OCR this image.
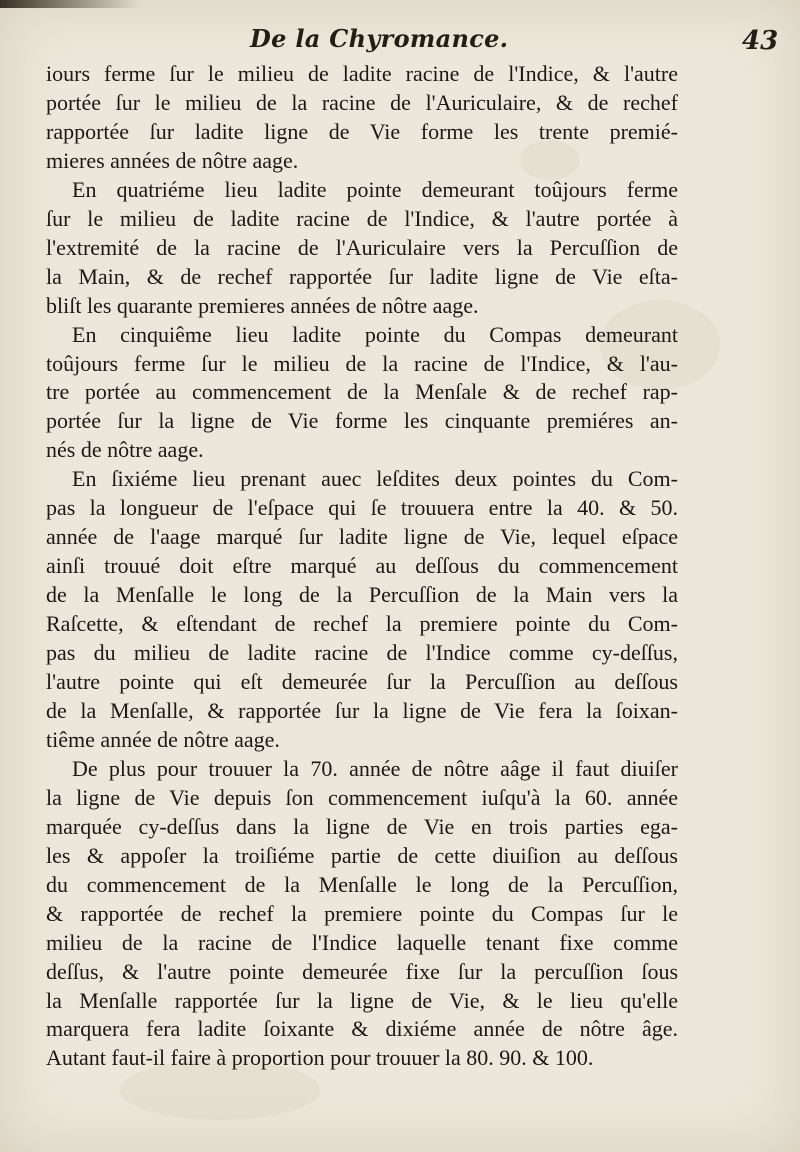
De la Chyromance.	43
iours ferme ſur le milieu de ladite racine de l'Indice, & l'autre
portée ſur le milieu de la racine de l'Auriculaire, & de rechef
rapportée ſur ladite ligne de Vie forme les trente premié-
mieres années de nôtre aage.
En quatriéme lieu ladite pointe demeurant toûjours ferme
ſur le milieu de ladite racine de l'Indice, & l'autre portée à
l'extremité de la racine de l'Auriculaire vers la Percuſſion de
la Main, & de rechef rapportée ſur ladite ligne de Vie eſta-
bliſt les quarante premieres années de nôtre aage.
En cinquiême lieu ladite pointe du Compas demeurant
toûjours ferme ſur le milieu de la racine de l'Indice, & l'au-
tre portée au commencement de la Menſale & de rechef rap-
portée ſur la ligne de Vie forme les cinquante premiéres an-
nés de nôtre aage.
En ſixiéme lieu prenant auec leſdites deux pointes du Com-
pas la longueur de l'eſpace qui ſe trouuera entre la 40. & 50.
année de l'aage marqué ſur ladite ligne de Vie, lequel eſpace
ainſi trouué doit eſtre marqué au deſſous du commencement
de la Menſalle le long de la Percuſſion de la Main vers la
Raſcette, & eſtendant de rechef la premiere pointe du Com-
pas du milieu de ladite racine de l'Indice comme cy-deſſus,
l'autre pointe qui eſt demeurée ſur la Percuſſion au deſſous
de la Menſalle, & rapportée ſur la ligne de Vie fera la ſoixan-
tiême année de nôtre aage.
De plus pour trouuer la 70. année de nôtre aâge il faut diuiſer
la ligne de Vie depuis ſon commencement iuſqu'à la 60. année
marquée cy-deſſus dans la ligne de Vie en trois parties ega-
les & appoſer la troiſiéme partie de cette diuiſion au deſſous
du commencement de la Menſalle le long de la Percuſſion,
& rapportée de rechef la premiere pointe du Compas ſur le
milieu de la racine de l'Indice laquelle tenant fixe comme
deſſus, & l'autre pointe demeurée fixe ſur la percuſſion ſous
la Menſalle rapportée ſur la ligne de Vie, & le lieu qu'elle
marquera fera ladite ſoixante & dixiéme année de nôtre âge.
Autant faut-il faire à proportion pour trouuer la 80. 90. & 100.
